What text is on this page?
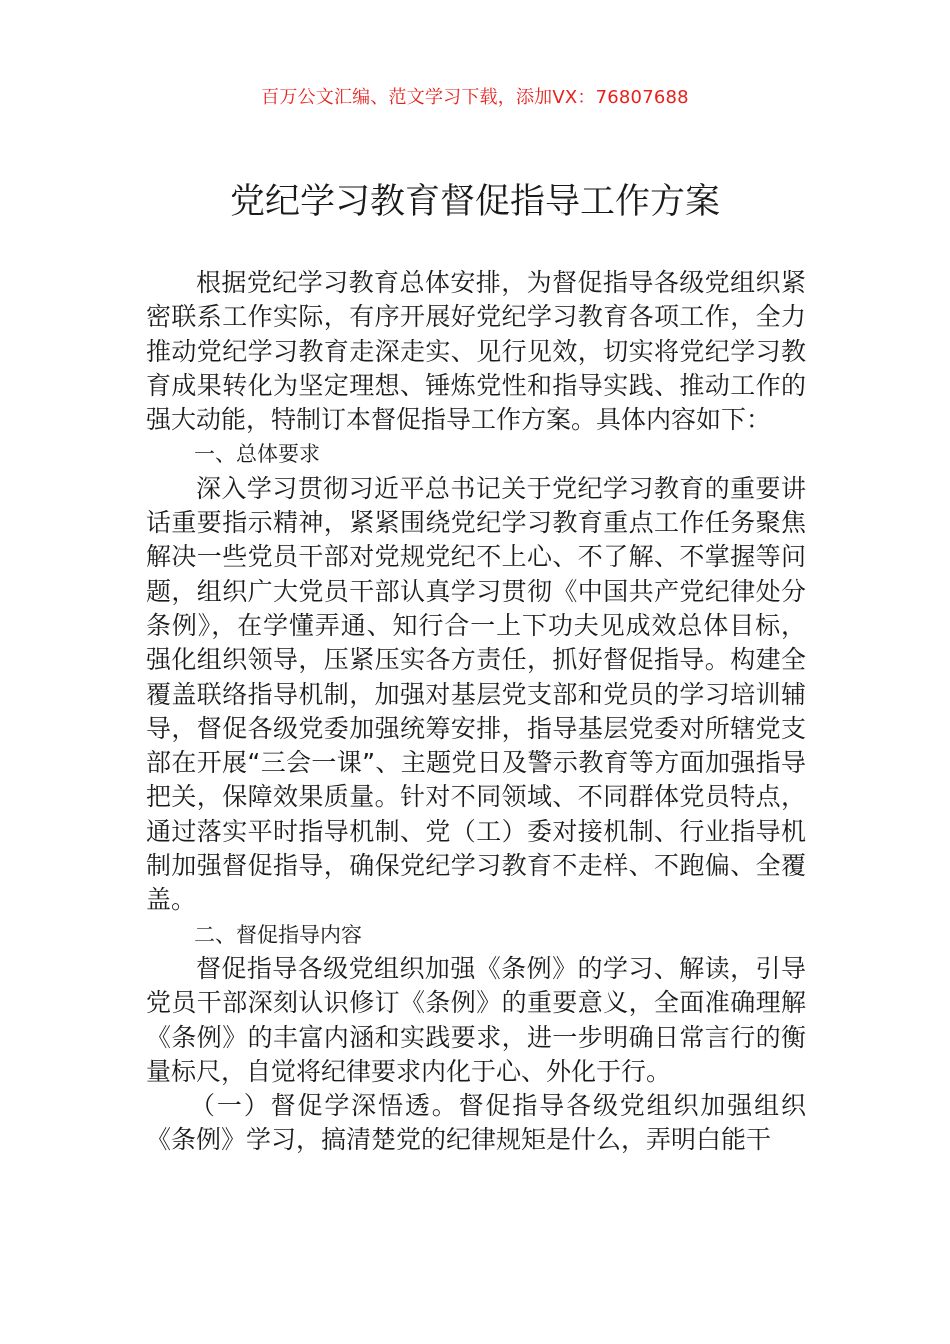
百万公文汇编、范文学习下载，添加VX：76807688
党纪学习教育督促指导工作方案

根据党纪学习教育总体安排，为督促指导各级党组织紧密联系工作实际，有序开展好党纪学习教育各项工作，全力推动党纪学习教育走深走实、见行见效，切实将党纪学习教育成果转化为坚定理想、锤炼党性和指导实践、推动工作的强大动能，特制订本督促指导工作方案。具体内容如下：

一、总体要求

深入学习贯彻习近平总书记关于党纪学习教育的重要讲话重要指示精神，紧紧围绕党纪学习教育重点工作任务聚焦解决一些党员干部对党规党纪不上心、不了解、不掌握等问题，组织广大党员干部认真学习贯彻《中国共产党纪律处分条例》，在学懂弄通、知行合一上下功夫见成效总体目标，强化组织领导，压紧压实各方责任，抓好督促指导。构建全覆盖联络指导机制，加强对基层党支部和党员的学习培训辅导，督促各级党委加强统筹安排，指导基层党委对所辖党支部在开展“三会一课”、主题党日及警示教育等方面加强指导把关，保障效果质量。针对不同领域、不同群体党员特点，通过落实平时指导机制、党（工）委对接机制、行业指导机制加强督促指导，确保党纪学习教育不走样、不跑偏、全覆盖。

二、督促指导内容

督促指导各级党组织加强《条例》的学习、解读，引导党员干部深刻认识修订《条例》的重要意义，全面准确理解《条例》的丰富内涵和实践要求，进一步明确日常言行的衡量标尺，自觉将纪律要求内化于心、外化于行。

（一）督促学深悟透。督促指导各级党组织加强组织《条例》学习，搞清楚党的纪律规矩是什么，弄明白能干
